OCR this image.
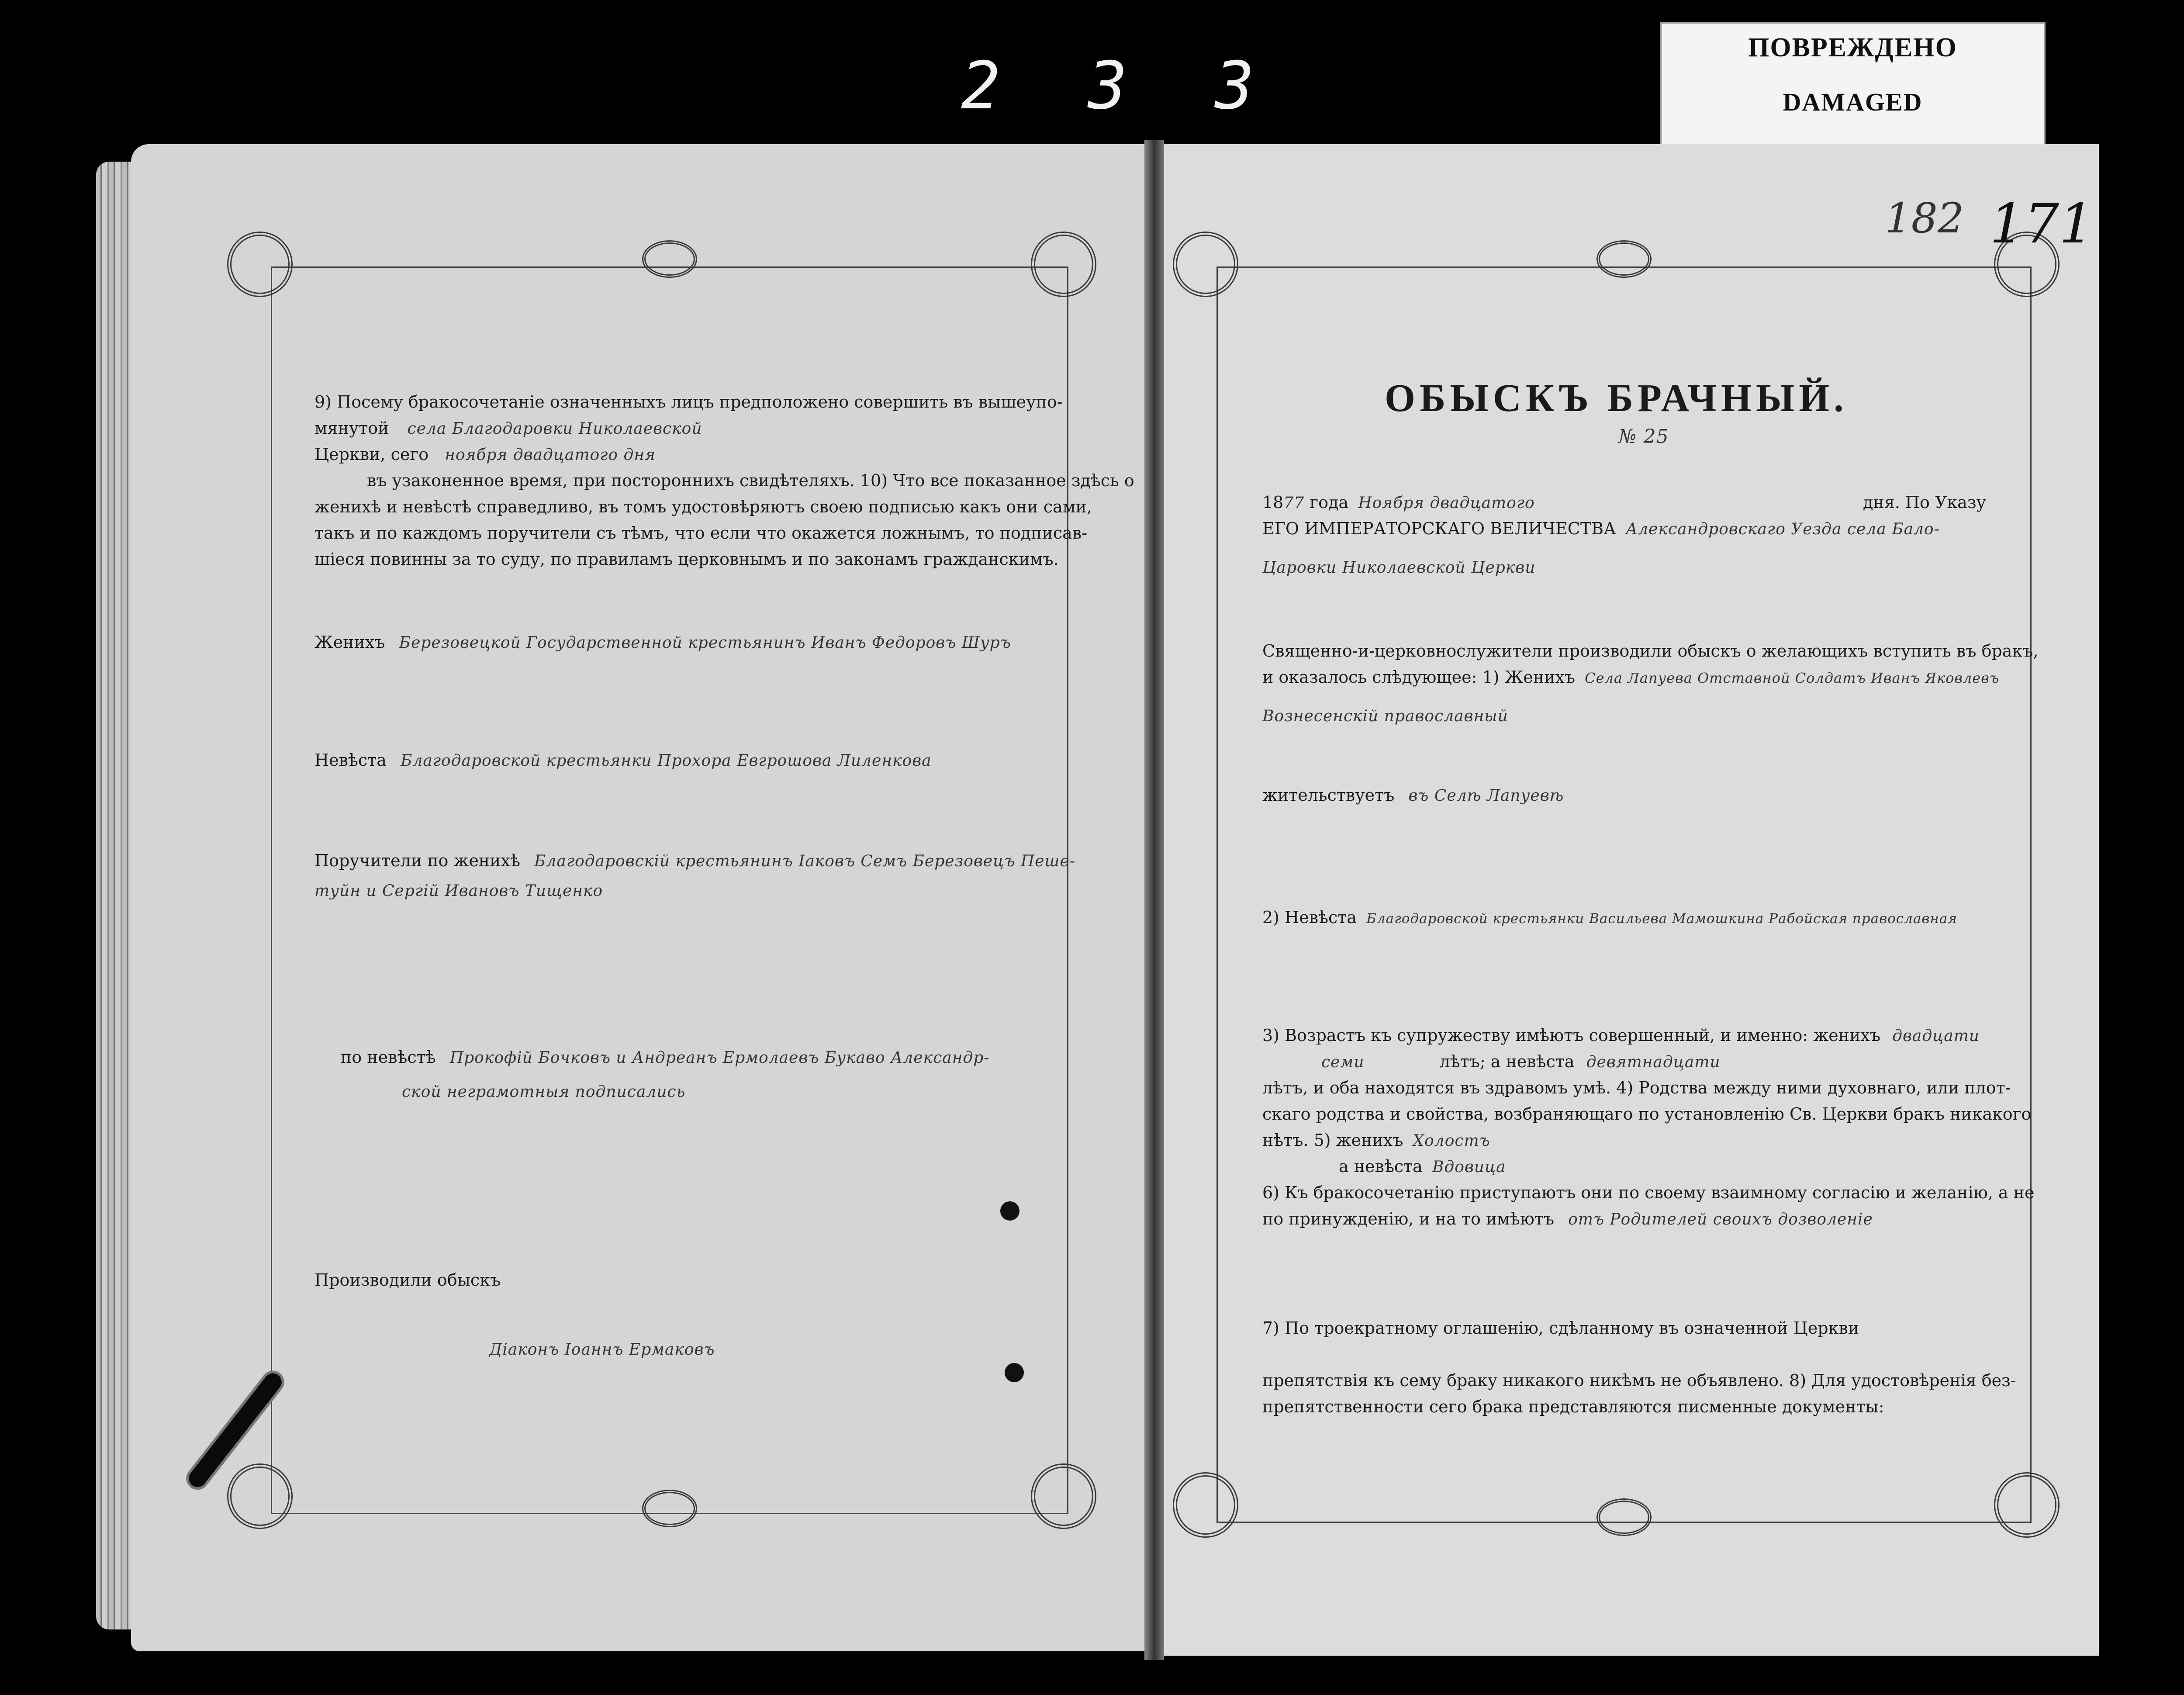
2 3 3
ПОВРЕЖДЕНО
DAMAGED
9) Посему бракосочетаніе означенныхъ лицъ предположено совершить въ вышеупо-
мянутой села Благодаровки Николаевской
Церкви, сего ноября двадцатого дня
въ узаконенное время, при постороннихъ свидѣтеляхъ. 10) Что все показанное здѣсь о
женихѣ и невѣстѣ справедливо, въ томъ удостовѣряютъ своею подписью какъ они сами,
такъ и по каждомъ поручители съ тѣмъ, что если что окажется ложнымъ, то подписав-
шіеся повинны за то суду, по правиламъ церковнымъ и по законамъ гражданскимъ.
Женихъ Березовецкой Государственной крестьянинъ Иванъ Федоровъ Шуръ
Невѣста Благодаровской крестьянки Прохора Евгрошова Лиленкова
Поручители по женихѣ Благодаровскій крестьянинъ Іаковъ Семъ Березовецъ Пеше-
туйн и Сергій Ивановъ Тищенко
по невѣстѣ Прокофій Бочковъ и Андреанъ Ермолаевъ Букаво Александр-
ской неграмотныя подписались
Производили обыскъ
Діаконъ Іоаннъ Ермаковъ
182 171
ОБЫСКЪ БРАЧНЫЙ.
№ 25
1877 года Ноября двадцатого	дня. По Указу
ЕГО ИМПЕРАТОРСКАГО ВЕЛИЧЕСТВА Александровскаго Уезда села Бало-
Царовки Николаевской Церкви
Священно-и-церковнослужители производили обыскъ о желающихъ вступить въ бракъ,
и оказалось слѣдующее: 1) Женихъ Села Лапуева Отставной Солдатъ Иванъ Яковлевъ
Вознесенскій православный
жительствуетъ въ Селѣ Лапуевѣ
2) Невѣста Благодаровской крестьянки Васильева Мамошкина Рабойская православная
3) Возрастъ къ супружеству имѣютъ совершенный, и именно: женихъ двадцати
семи	лѣтъ; а невѣста девятнадцати
лѣтъ, и оба находятся въ здравомъ умѣ. 4) Родства между ними духовнаго, или плот-
скаго родства и свойства, возбраняющаго по установленію Св. Церкви бракъ никакого
нѣтъ. 5) женихъ Холостъ
а невѣста Вдовица
6) Къ бракосочетанію приступаютъ они по своему взаимному согласію и желанію, а не
по принужденію, и на то имѣютъ отъ Родителей своихъ дозволеніе
7) По троекратному оглашенію, сдѣланному въ означенной Церкви
препятствія къ сему браку никакого никѣмъ не объявлено. 8) Для удостовѣренія без-
препятственности сего брака представляются писменные документы:
